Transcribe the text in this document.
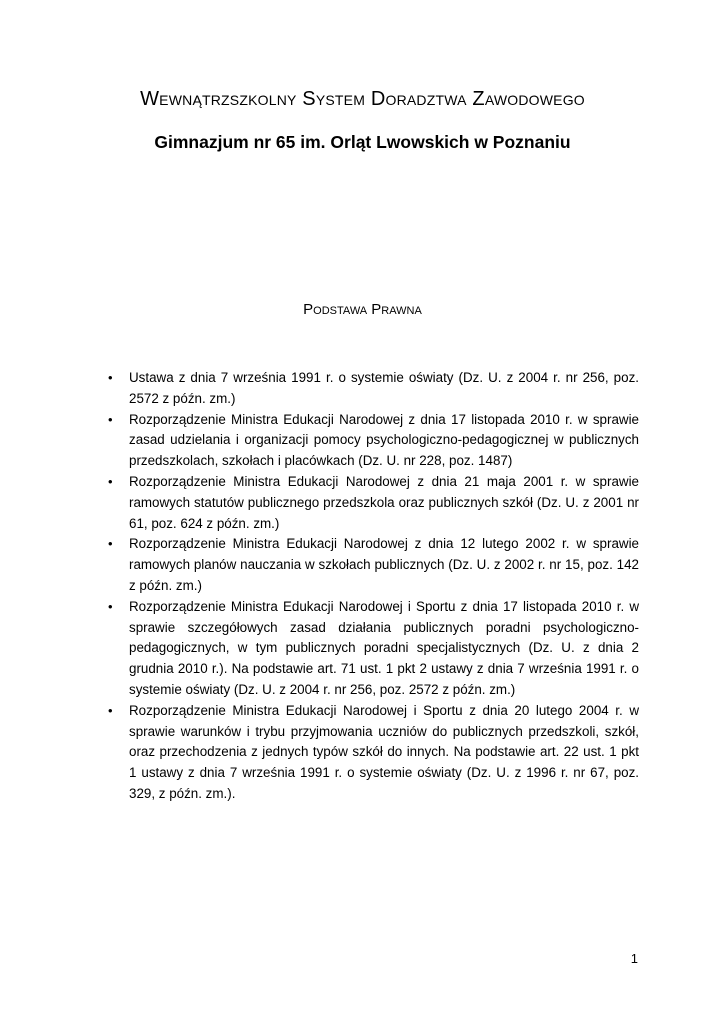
Wewnątrzszkolny System Doradztwa Zawodowego
Gimnazjum nr 65 im. Orląt Lwowskich w Poznaniu
Podstawa Prawna
• Ustawa z dnia 7 września 1991 r. o systemie oświaty (Dz. U. z 2004 r. nr 256, poz. 2572 z późn. zm.)
• Rozporządzenie Ministra Edukacji Narodowej z dnia 17 listopada 2010 r. w sprawie zasad udzielania i organizacji pomocy psychologiczno-pedagogicznej w publicznych przedszkolach, szkołach i placówkach (Dz. U. nr 228, poz. 1487)
• Rozporządzenie Ministra Edukacji Narodowej z dnia 21 maja 2001 r. w sprawie ramowych statutów publicznego przedszkola oraz publicznych szkół (Dz. U. z 2001 nr 61, poz. 624 z późn. zm.)
• Rozporządzenie Ministra Edukacji Narodowej z dnia 12 lutego 2002 r. w sprawie ramowych planów nauczania w szkołach publicznych (Dz. U. z 2002 r. nr 15, poz. 142 z późn. zm.)
• Rozporządzenie Ministra Edukacji Narodowej i Sportu z dnia 17 listopada 2010 r. w sprawie szczegółowych zasad działania publicznych poradni psychologiczno-pedagogicznych, w tym publicznych poradni specjalistycznych (Dz. U. z dnia 2 grudnia 2010 r.). Na podstawie art. 71 ust. 1 pkt 2 ustawy z dnia 7 września 1991 r. o systemie oświaty (Dz. U. z 2004 r. nr 256, poz. 2572 z późn. zm.)
• Rozporządzenie Ministra Edukacji Narodowej i Sportu z dnia 20 lutego 2004 r. w sprawie warunków i trybu przyjmowania uczniów do publicznych przedszkoli, szkół, oraz przechodzenia z jednych typów szkół do innych. Na podstawie art. 22 ust. 1 pkt 1 ustawy z dnia 7 września 1991 r. o systemie oświaty (Dz. U. z 1996 r. nr 67, poz. 329, z późn. zm.).
1
